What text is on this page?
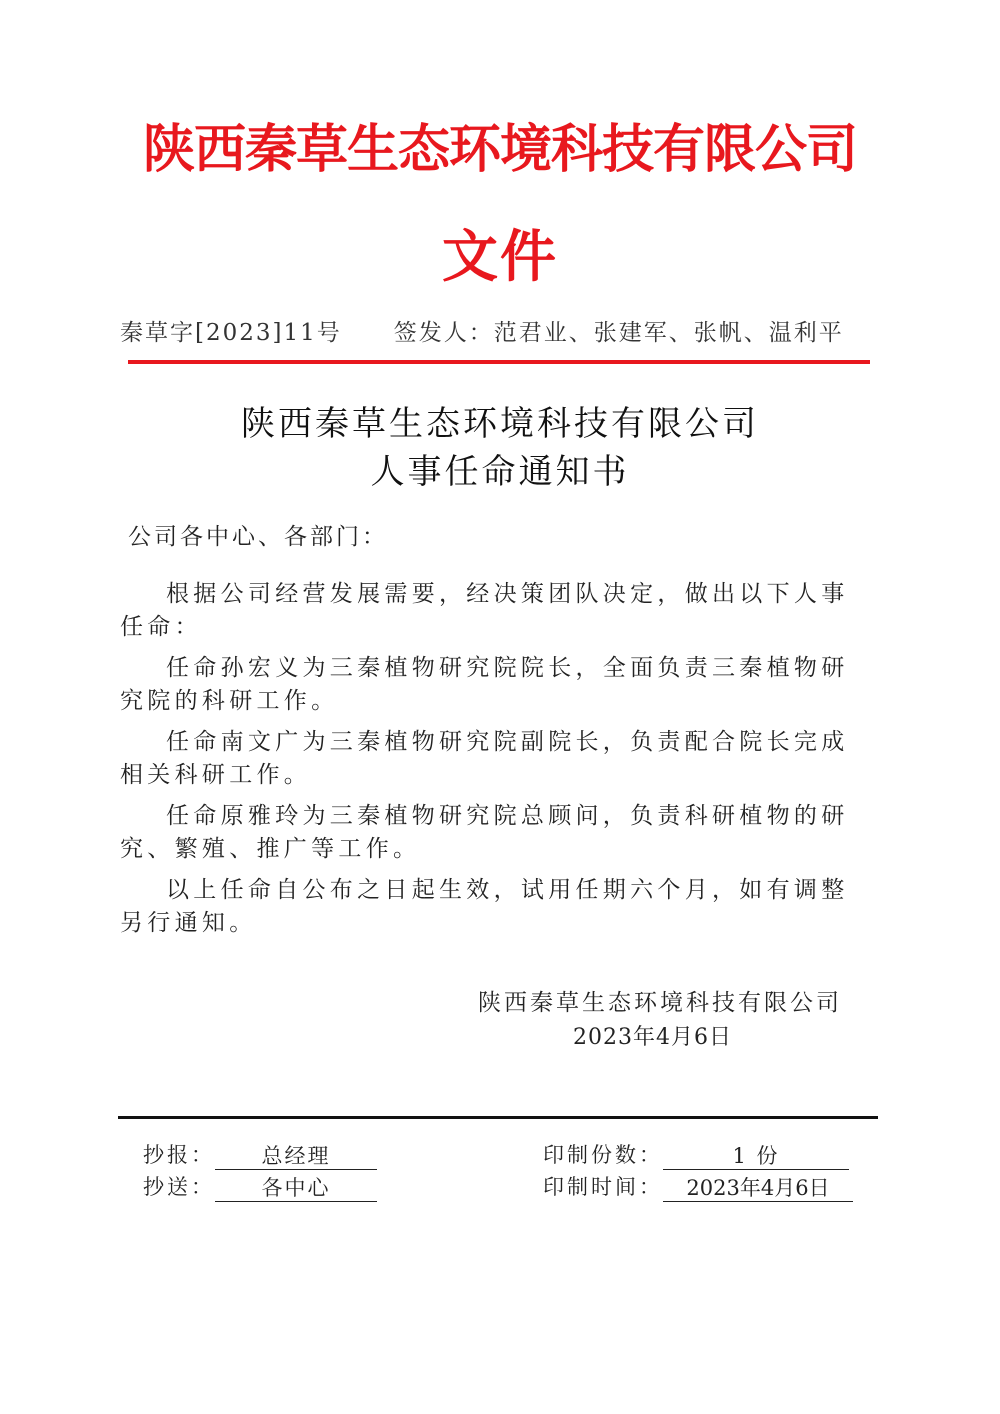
陕西秦草生态环境科技有限公司
文件
秦草字[2023]11号 签发人：范君业、张建军、张帆、温利平
陕西秦草生态环境科技有限公司
人事任命通知书
公司各中心、各部门：

根据公司经营发展需要，经决策团队决定，做出以下人事任命：

任命孙宏义为三秦植物研究院院长，全面负责三秦植物研究院的科研工作。

任命南文广为三秦植物研究院副院长，负责配合院长完成相关科研工作。

任命原雅玲为三秦植物研究院总顾问，负责科研植物的研究、繁殖、推广等工作。

以上任命自公布之日起生效，试用任期六个月，如有调整另行通知。

陕西秦草生态环境科技有限公司
2023年4月6日
抄报： 总经理
抄送： 各中心
印制份数：	1 份
印制时间： 2023年4月6日
